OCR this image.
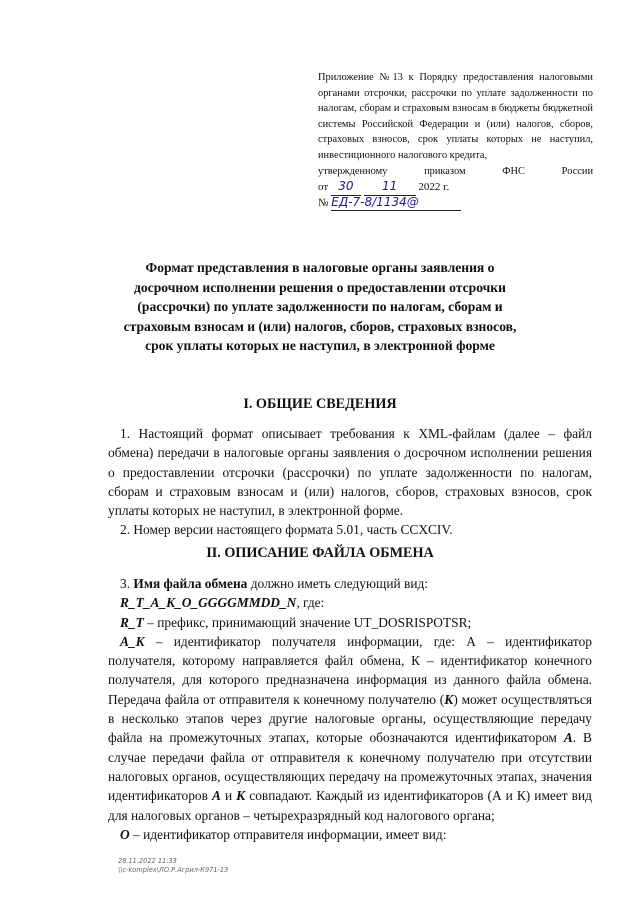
Приложение №13 к Порядку предоставления налоговыми органами отсрочки, рассрочки по уплате задолженности по налогам, сборам и страховым взносам в бюджеты бюджетной системы Российской Федерации и (или) налогов, сборов, страховых взносов, срок уплаты которых не наступил, инвестиционного налогового кредита,

утвержденному приказом ФНС России

от 30 11 2022 г.
№ ЕД-7-8/1134@
Формат представления в налоговые органы заявления о досрочном исполнении решения о предоставлении отсрочки (рассрочки) по уплате задолженности по налогам, сборам и страховым взносам и (или) налогов, сборов, страховых взносов, срок уплаты которых не наступил, в электронной форме
I. ОБЩИЕ СВЕДЕНИЯ

1. Настоящий формат описывает требования к XML-файлам (далее – файл обмена) передачи в налоговые органы заявления о досрочном исполнении решения о предоставлении отсрочки (рассрочки) по уплате задолженности по налогам, сборам и страховым взносам и (или) налогов, сборов, страховых взносов, срок уплаты которых не наступил, в электронной форме.

2. Номер версии настоящего формата 5.01, часть CCXCIV.

II. ОПИСАНИЕ ФАЙЛА ОБМЕНА

3. Имя файла обмена должно иметь следующий вид:

R_T_A_K_O_GGGGMMDD_N, где:

R_T – префикс, принимающий значение UT_DOSRISPOTSR;

A_K – идентификатор получателя информации, где: А – идентификатор получателя, которому направляется файл обмена, К – идентификатор конечного получателя, для которого предназначена информация из данного файла обмена. Передача файла от отправителя к конечному получателю (К) может осуществляться в несколько этапов через другие налоговые органы, осуществляющие передачу файла на промежуточных этапах, которые обозначаются идентификатором А. В случае передачи файла от отправителя к конечному получателю при отсутствии налоговых органов, осуществляющих передачу на промежуточных этапах, значения идентификаторов А и К совпадают. Каждый из идентификаторов (А и К) имеет вид для налоговых органов – четырехразрядный код налогового органа;

О – идентификатор отправителя информации, имеет вид:

28.11.2022 11:33
\\c-komplex\ЛО.Р.Агрил-К971-13
